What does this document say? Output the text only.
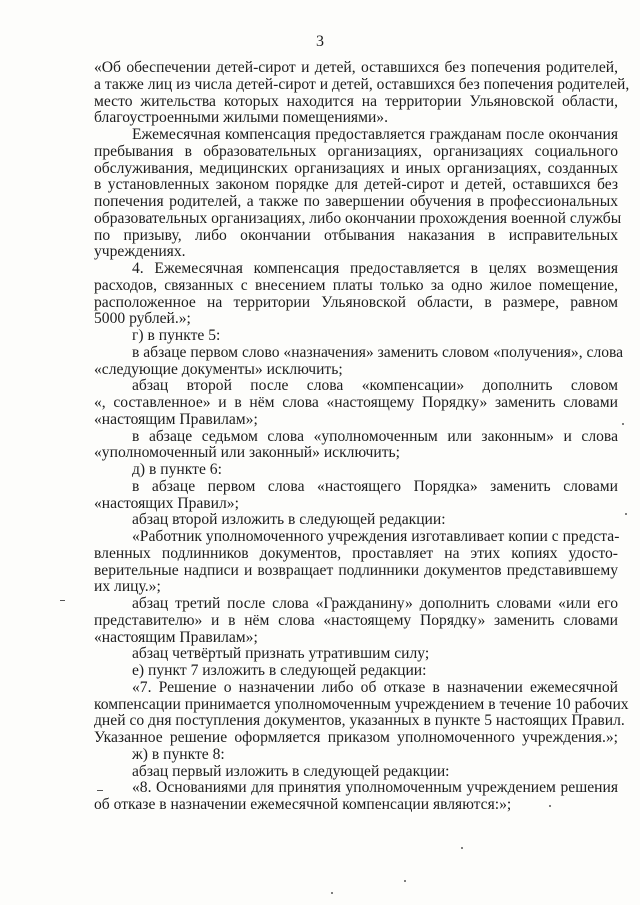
3
«Об обеспечении детей-сирот и детей, оставшихся без попечения родителей,
а также лиц из числа детей-сирот и детей, оставшихся без попечения родителей,
место жительства которых находится на территории Ульяновской области,
благоустроенными жилыми помещениями».
Ежемесячная компенсация предоставляется гражданам после окончания
пребывания в образовательных организациях, организациях социального
обслуживания, медицинских организациях и иных организациях, созданных
в установленных законом порядке для детей-сирот и детей, оставшихся без
попечения родителей, а также по завершении обучения в профессиональных
образовательных организациях, либо окончании прохождения военной службы
по призыву, либо окончании отбывания наказания в исправительных
учреждениях.
4. Ежемесячная компенсация предоставляется в целях возмещения
расходов, связанных с внесением платы только за одно жилое помещение,
расположенное на территории Ульяновской области, в размере, равном
5000 рублей.»;
г) в пункте 5:
в абзаце первом слово «назначения» заменить словом «получения», слова
«следующие документы» исключить;
абзац второй после слова «компенсации» дополнить словом
«, составленное» и в нём слова «настоящему Порядку» заменить словами
«настоящим Правилам»;
в абзаце седьмом слова «уполномоченным или законным» и слова
«уполномоченный или законный» исключить;
д) в пункте 6:
в абзаце первом слова «настоящего Порядка» заменить словами
«настоящих Правил»;
абзац второй изложить в следующей редакции:
«Работник уполномоченного учреждения изготавливает копии с предста-
вленных подлинников документов, проставляет на этих копиях удосто-
верительные надписи и возвращает подлинники документов представившему
их лицу.»;
абзац третий после слова «Гражданину» дополнить словами «или его
представителю» и в нём слова «настоящему Порядку» заменить словами
«настоящим Правилам»;
абзац четвёртый признать утратившим силу;
е) пункт 7 изложить в следующей редакции:
«7. Решение о назначении либо об отказе в назначении ежемесячной
компенсации принимается уполномоченным учреждением в течение 10 рабочих
дней со дня поступления документов, указанных в пункте 5 настоящих Правил.
Указанное решение оформляется приказом уполномоченного учреждения.»;
ж) в пункте 8:
абзац первый изложить в следующей редакции:
«8. Основаниями для принятия уполномоченным учреждением решения
об отказе в назначении ежемесячной компенсации являются:»;
